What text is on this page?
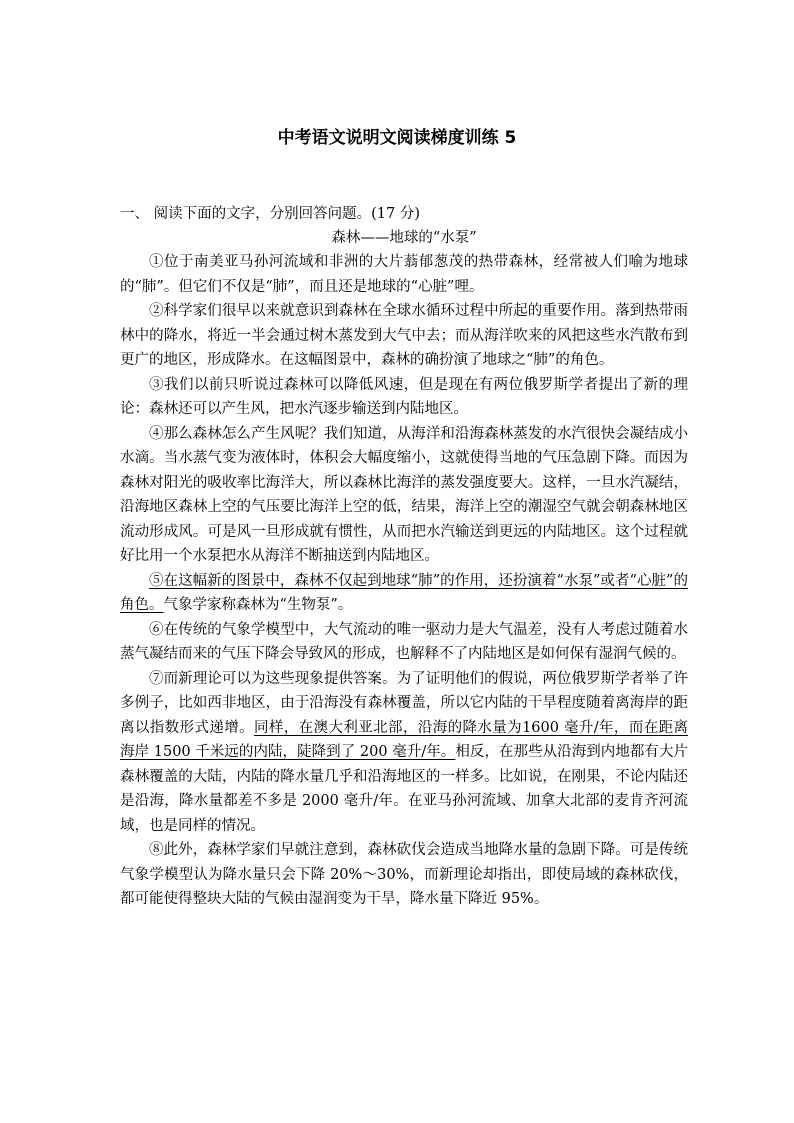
中考语文说明文阅读梯度训练 5
一、 阅读下面的文字，分别回答问题。(17 分)
森林——地球的“水泵”

①位于南美亚马孙河流域和非洲的大片蓊郁葱茂的热带森林，经常被人们喻为地球的“肺”。但它们不仅是“肺”，而且还是地球的“心脏”哩。

②科学家们很早以来就意识到森林在全球水循环过程中所起的重要作用。落到热带雨林中的降水，将近一半会通过树木蒸发到大气中去；而从海洋吹来的风把这些水汽散布到更广的地区，形成降水。在这幅图景中，森林的确扮演了地球之“肺”的角色。

③我们以前只听说过森林可以降低风速，但是现在有两位俄罗斯学者提出了新的理论：森林还可以产生风，把水汽逐步输送到内陆地区。

④那么森林怎么产生风呢？我们知道，从海洋和沿海森林蒸发的水汽很快会凝结成小水滴。当水蒸气变为液体时，体积会大幅度缩小，这就使得当地的气压急剧下降。而因为森林对阳光的吸收率比海洋大，所以森林比海洋的蒸发强度要大。这样，一旦水汽凝结，沿海地区森林上空的气压要比海洋上空的低，结果，海洋上空的潮湿空气就会朝森林地区流动形成风。可是风一旦形成就有惯性，从而把水汽输送到更远的内陆地区。这个过程就好比用一个水泵把水从海洋不断抽送到内陆地区。

⑤在这幅新的图景中，森林不仅起到地球“肺”的作用，还扮演着“水泵”或者“心脏”的角色。气象学家称森林为“生物泵”。

⑥在传统的气象学模型中，大气流动的唯一驱动力是大气温差，没有人考虑过随着水蒸气凝结而来的气压下降会导致风的形成，也解释不了内陆地区是如何保有湿润气候的。

⑦而新理论可以为这些现象提供答案。为了证明他们的假说，两位俄罗斯学者举了许多例子，比如西非地区，由于沿海没有森林覆盖，所以它内陆的干旱程度随着离海岸的距离以指数形式递增。同样，在澳大利亚北部，沿海的降水量为1600 毫升/年，而在距离海岸 1500 千米远的内陆，陡降到了 200 毫升/年。相反，在那些从沿海到内地都有大片森林覆盖的大陆，内陆的降水量几乎和沿海地区的一样多。比如说，在刚果，不论内陆还是沿海，降水量都差不多是 2000 毫升/年。在亚马孙河流域、加拿大北部的麦肯齐河流域，也是同样的情况。

⑧此外，森林学家们早就注意到，森林砍伐会造成当地降水量的急剧下降。可是传统气象学模型认为降水量只会下降 20%～30%，而新理论却指出，即使局域的森林砍伐，都可能使得整块大陆的气候由湿润变为干旱，降水量下降近 95%。
